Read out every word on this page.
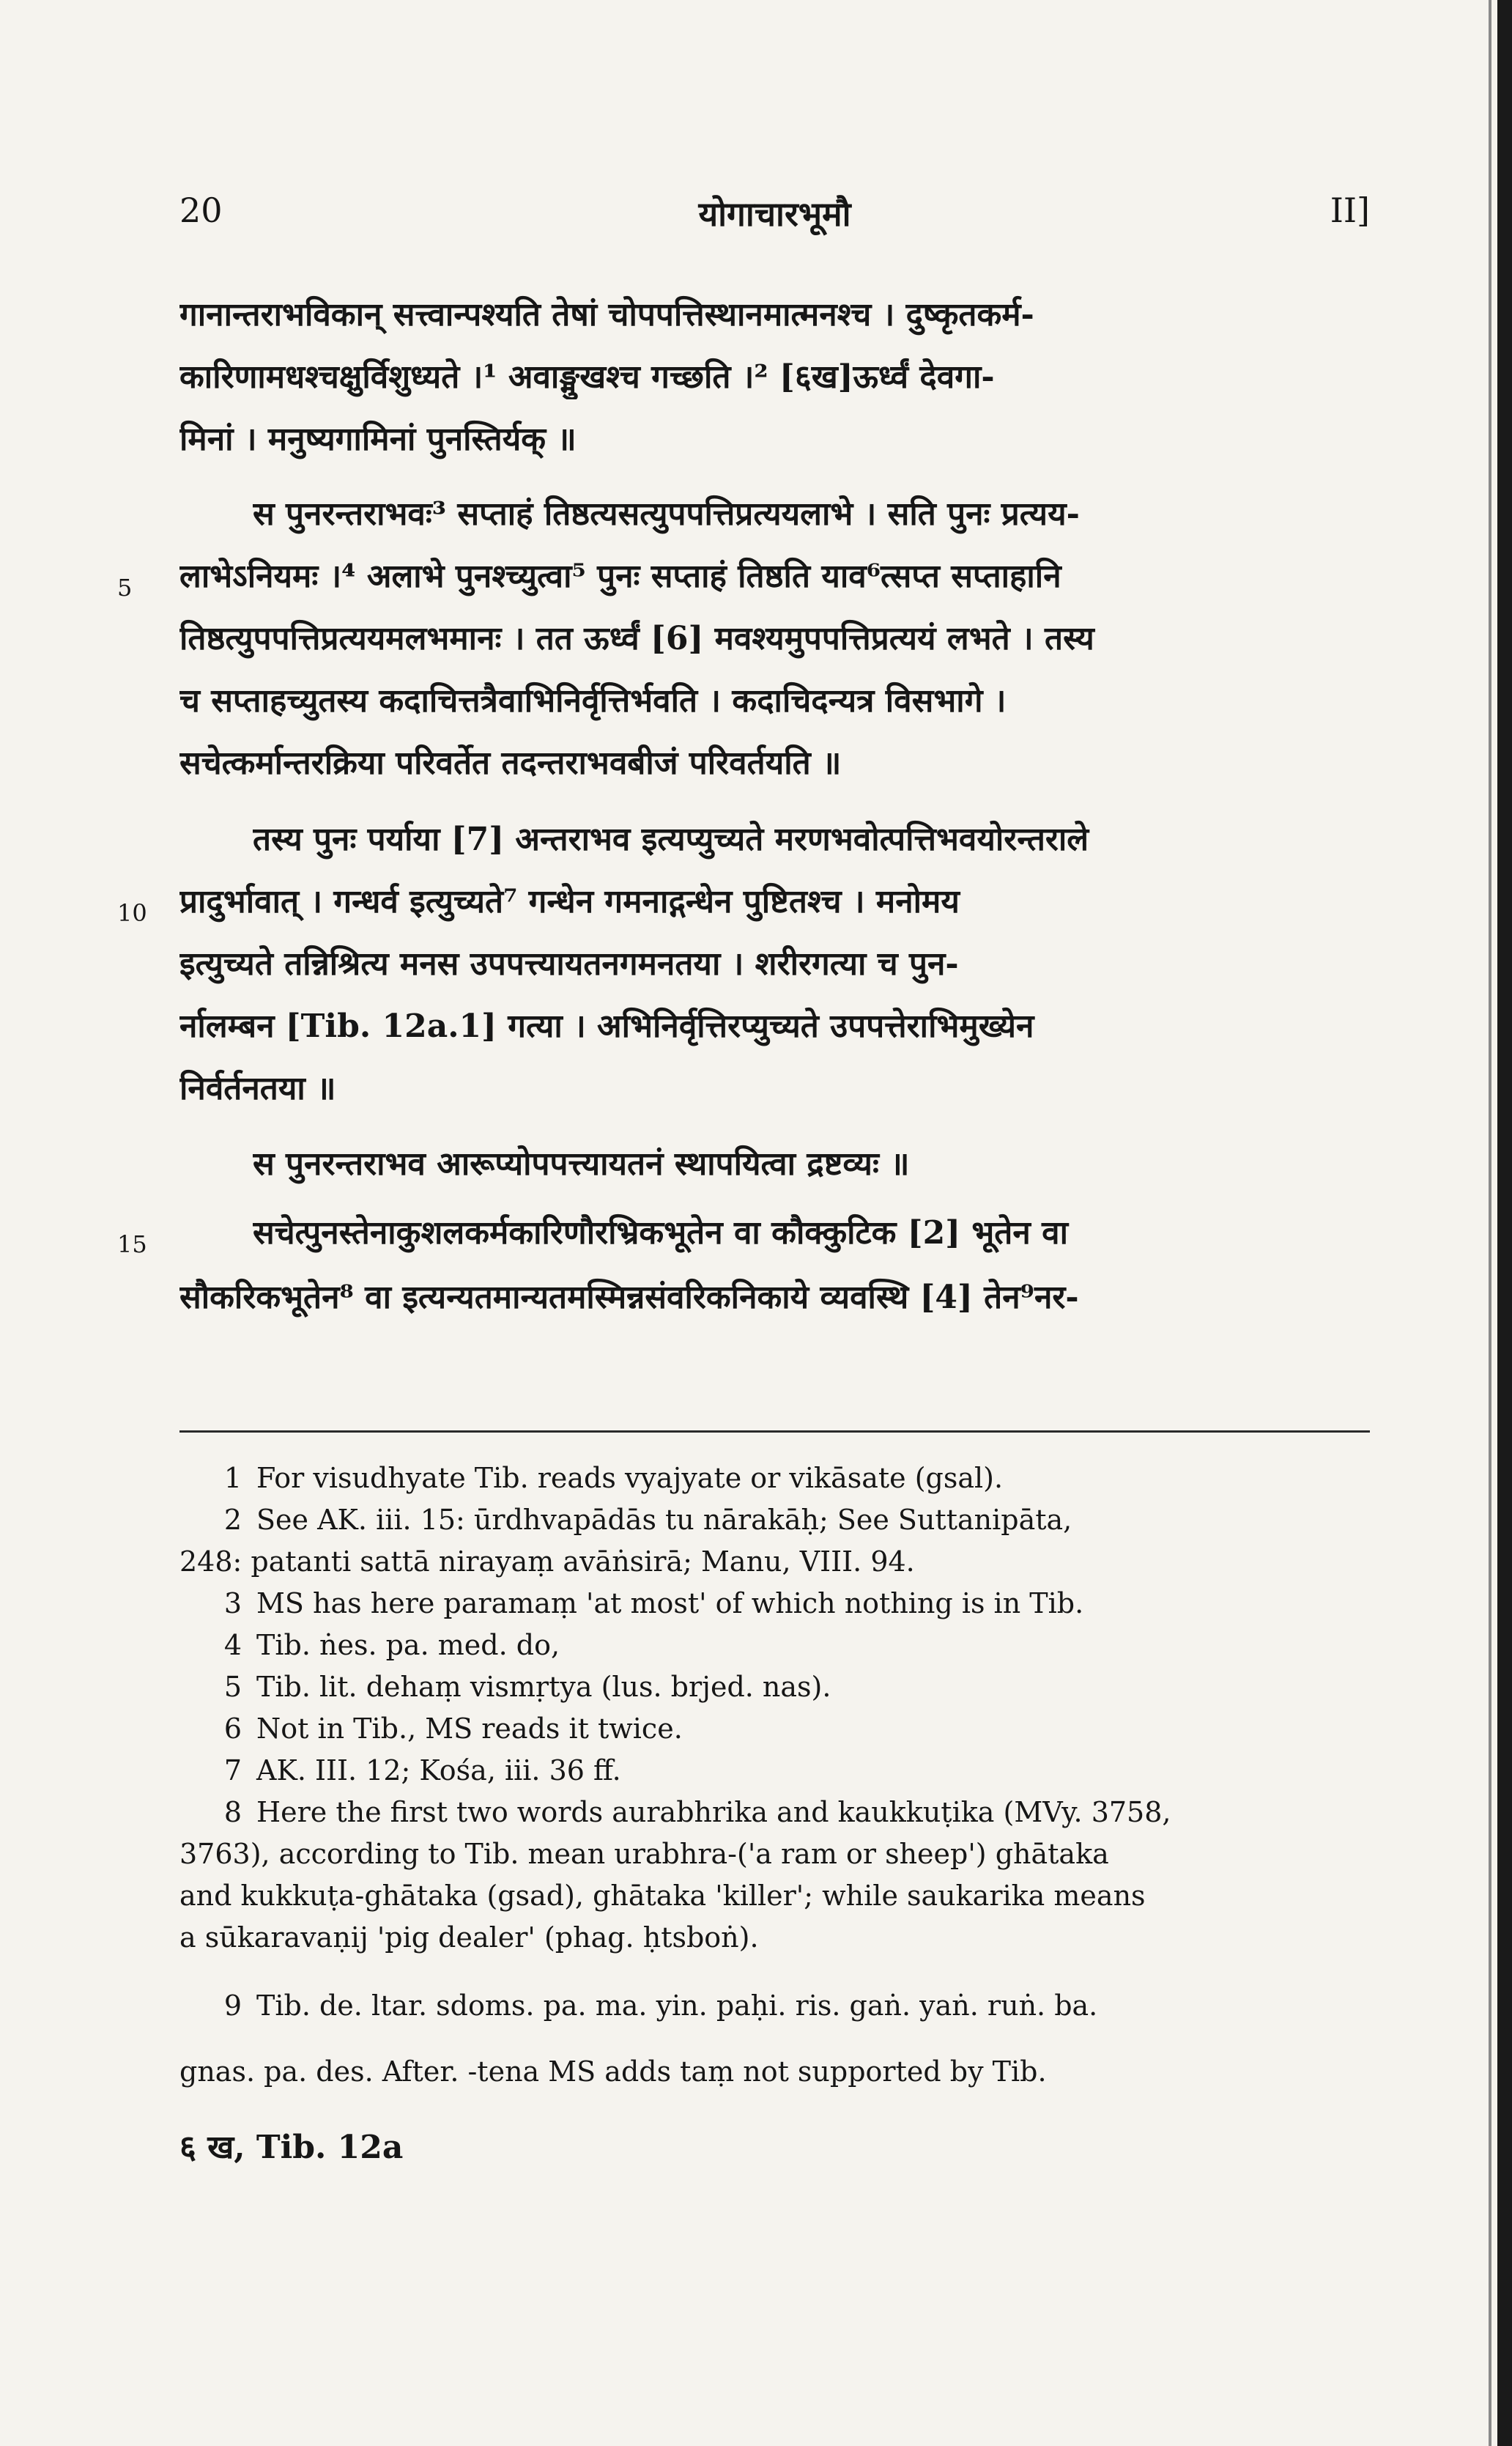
20	योगाचारभूमौ	II]
गानान्तराभविकान् सत्त्वान्पश्यति तेषां चोपपत्तिस्थानमात्मनश्च । दुष्कृतकर्म-
कारिणामधश्चक्षुर्विशुध्यते ।¹ अवाङ्मुखश्च गच्छति ।² [६ख]ऊर्ध्वं देवगा-
मिनां । मनुष्यगामिनां पुनस्तिर्यक् ॥
स पुनरन्तराभवः³ सप्ताहं तिष्ठत्यसत्युपपत्तिप्रत्ययलाभे । सति पुनः प्रत्यय-
लाभेऽनियमः ।⁴ अलाभे पुनश्च्युत्वा⁵ पुनः सप्ताहं तिष्ठति याव⁶त्सप्त सप्ताहानि
5
तिष्ठत्युपपत्तिप्रत्ययमलभमानः । तत ऊर्ध्वं [6] मवश्यमुपपत्तिप्रत्ययं लभते । तस्य
च सप्ताहच्युतस्य कदाचित्तत्रैवाभिनिर्वृत्तिर्भवति । कदाचिदन्यत्र विसभागे ।
सचेत्कर्मान्तरक्रिया परिवर्तेत तदन्तराभवबीजं परिवर्तयति ॥
तस्य पुनः पर्याया [7] अन्तराभव इत्यप्युच्यते मरणभवोत्पत्तिभवयोरन्तराले
प्रादुर्भावात् । गन्धर्व इत्युच्यते⁷ गन्धेन गमनाद्गन्धेन पुष्टितश्च । मनोमय
10
इत्युच्यते तन्निश्रित्य मनस उपपत्त्यायतनगमनतया । शरीरगत्या च पुन-
र्नालम्बन [Tib. 12a.1] गत्या । अभिनिर्वृत्तिरप्युच्यते उपपत्तेराभिमुख्येन
निर्वर्तनतया ॥
स पुनरन्तराभव आरूप्योपपत्त्यायतनं स्थापयित्वा द्रष्टव्यः ॥
सचेत्पुनस्तेनाकुशलकर्मकारिणौरभ्रिकभूतेन वा कौक्कुटिक [2] भूतेन वा
15
सौकरिकभूतेन⁸ वा इत्यन्यतमान्यतमस्मिन्नसंवरिकनिकाये व्यवस्थि [4] तेन⁹नर-
1 For visudhyate Tib. reads vyajyate or vikāsate (gsal).
2 See AK. iii. 15: ūrdhvapādās tu nārakāḥ; See Suttanipāta,
248: patanti sattā nirayaṃ avāṅsirā; Manu, VIII. 94.
3 MS has here paramaṃ 'at most' of which nothing is in Tib.
4 Tib. ṅes. pa. med. do,
5 Tib. lit. dehaṃ vismṛtya (lus. brjed. nas).
6 Not in Tib., MS reads it twice.
7 AK. III. 12; Kośa, iii. 36 ff.
8 Here the first two words aurabhrika and kaukkuṭika (MVy. 3758,
3763), according to Tib. mean urabhra-('a ram or sheep') ghātaka
and kukkuṭa-ghātaka (gsad), ghātaka 'killer'; while saukarika means
a sūkaravaṇij 'pig dealer' (phag. ḥtsboṅ).
9 Tib. de. ltar. sdoms. pa. ma. yin. paḥi. ris. gaṅ. yaṅ. ruṅ. ba.
gnas. pa. des. After. -tena MS adds taṃ not supported by Tib.
६ ख, Tib. 12a
